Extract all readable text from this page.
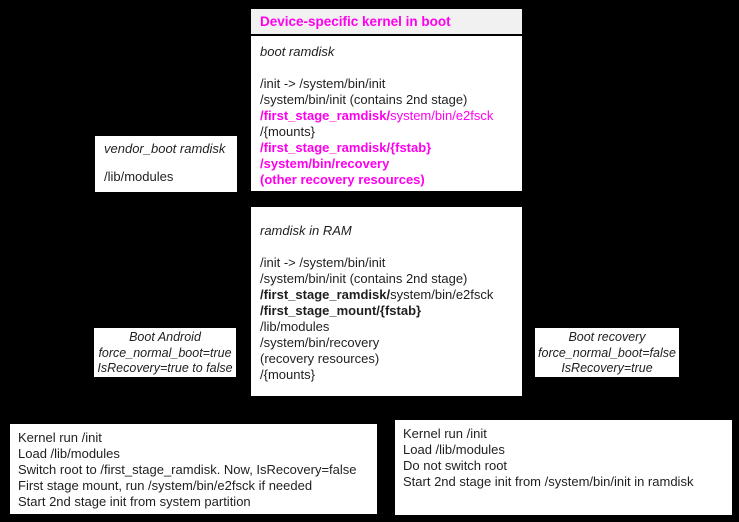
Device-specific kernel in boot
boot ramdisk
/init -> /system/bin/init
/system/bin/init (contains 2nd stage)
/first_stage_ramdisk/system/bin/e2fsck
/{mounts}
/first_stage_ramdisk/{fstab}
/system/bin/recovery
(other recovery resources)
vendor_boot ramdisk
/lib/modules
ramdisk in RAM
/init -> /system/bin/init
/system/bin/init (contains 2nd stage)
/first_stage_ramdisk/system/bin/e2fsck
/first_stage_mount/{fstab}
/lib/modules
/system/bin/recovery
(recovery resources)
/{mounts}
Boot Android
force_normal_boot=true
IsRecovery=true to false
Boot recovery
force_normal_boot=false
IsRecovery=true
Kernel run /init
Load /lib/modules
Switch root to /first_stage_ramdisk. Now, IsRecovery=false
First stage mount, run /system/bin/e2fsck if needed
Start 2nd stage init from system partition
Kernel run /init
Load /lib/modules
Do not switch root
Start 2nd stage init from /system/bin/init in ramdisk
